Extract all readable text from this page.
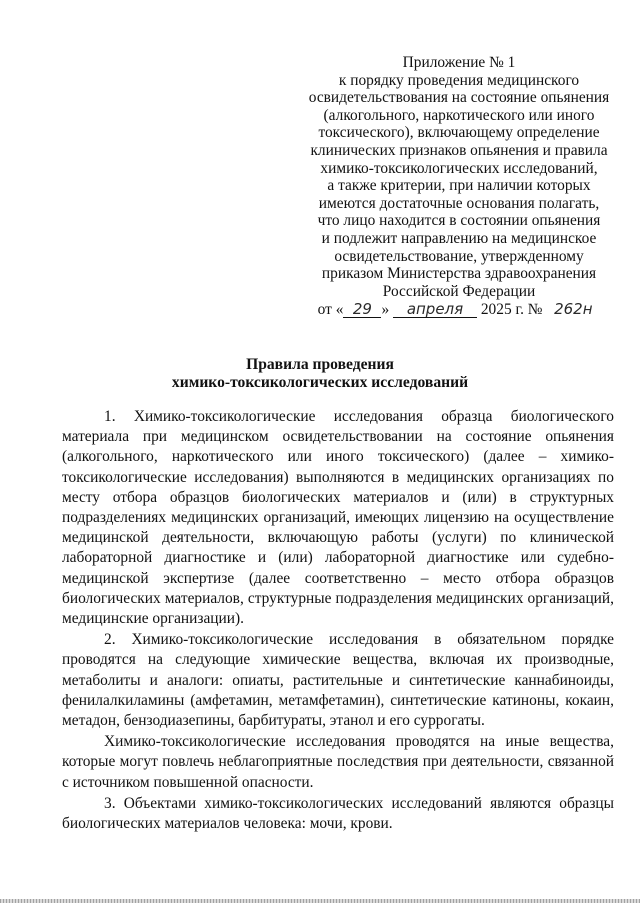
Приложение № 1
к порядку проведения медицинского
освидетельствования на состояние опьянения
(алкогольного, наркотического или иного
токсического), включающему определение
клинических признаков опьянения и правила
химико-токсикологических исследований,
а также критерии, при наличии которых
имеются достаточные основания полагать,
что лицо находится в состоянии опьянения
и подлежит направлению на медицинское
освидетельствование, утвержденному
приказом Министерства здравоохранения
Российской Федерации
от « 29 » апреля 2025 г. № 262н
Правила проведения
химико-токсикологических исследований

1. Химико-токсикологические исследования образца биологического материала при медицинском освидетельствовании на состояние опьянения (алкогольного, наркотического или иного токсического) (далее – химико-токсикологические исследования) выполняются в медицинских организациях по месту отбора образцов биологических материалов и (или) в структурных подразделениях медицинских организаций, имеющих лицензию на осуществление медицинской деятельности, включающую работы (услуги) по клинической лабораторной диагностике и (или) лабораторной диагностике или судебно-медицинской экспертизе (далее соответственно – место отбора образцов биологических материалов, структурные подразделения медицинских организаций, медицинские организации).

2. Химико-токсикологические исследования в обязательном порядке проводятся на следующие химические вещества, включая их производные, метаболиты и аналоги: опиаты, растительные и синтетические каннабиноиды, фенилалкиламины (амфетамин, метамфетамин), синтетические катиноны, кокаин, метадон, бензодиазепины, барбитураты, этанол и его суррогаты.

Химико-токсикологические исследования проводятся на иные вещества, которые могут повлечь неблагоприятные последствия при деятельности, связанной с источником повышенной опасности.

3. Объектами химико-токсикологических исследований являются образцы биологических материалов человека: мочи, крови.
